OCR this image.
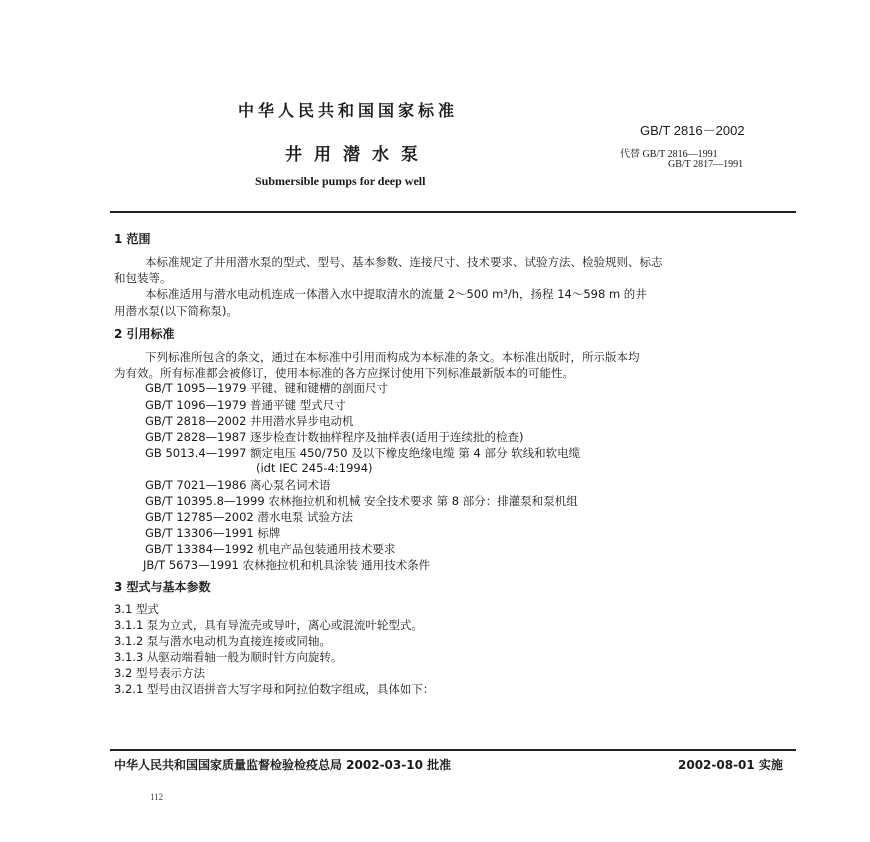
中华人民共和国国家标准
GB/T 2816－2002
井用潜水泵	代替 GB/T 2816—1991
GB/T 2817—1991
Submersible pumps for deep well
1 范围
本标准规定了井用潜水泵的型式、型号、基本参数、连接尺寸、技术要求、试验方法、检验规则、标志
和包装等。
本标准适用与潜水电动机连成一体潜入水中提取清水的流量 2～500 m³/h，扬程 14～598 m 的井
用潜水泵(以下简称泵)。
2 引用标准
下列标准所包含的条文，通过在本标准中引用而构成为本标准的条文。本标准出版时，所示版本均
为有效。所有标准都会被修订，使用本标准的各方应探讨使用下列标准最新版本的可能性。
GB/T 1095—1979 平键、键和键槽的剖面尺寸
GB/T 1096—1979 普通平键 型式尺寸
GB/T 2818—2002 井用潜水异步电动机
GB/T 2828—1987 逐步检查计数抽样程序及抽样表(适用于连续批的检查)
GB 5013.4—1997 额定电压 450/750 及以下橡皮绝缘电缆 第 4 部分 软线和软电缆
(idt IEC 245-4:1994)
GB/T 7021—1986 离心泵名词术语
GB/T 10395.8—1999 农林拖拉机和机械 安全技术要求 第 8 部分：排灌泵和泵机组
GB/T 12785—2002 潜水电泵 试验方法
GB/T 13306—1991 标牌
GB/T 13384—1992 机电产品包装通用技术要求
JB/T 5673—1991 农林拖拉机和机具涂装 通用技术条件
3 型式与基本参数
3.1 型式
3.1.1 泵为立式，具有导流壳或导叶，离心或混流叶轮型式。
3.1.2 泵与潜水电动机为直接连接或同轴。
3.1.3 从驱动端看轴一般为顺时针方向旋转。
3.2 型号表示方法
3.2.1 型号由汉语拼音大写字母和阿拉伯数字组成，具体如下：
中华人民共和国国家质量监督检验检疫总局 2002-03-10 批准	2002-08-01 实施
112
